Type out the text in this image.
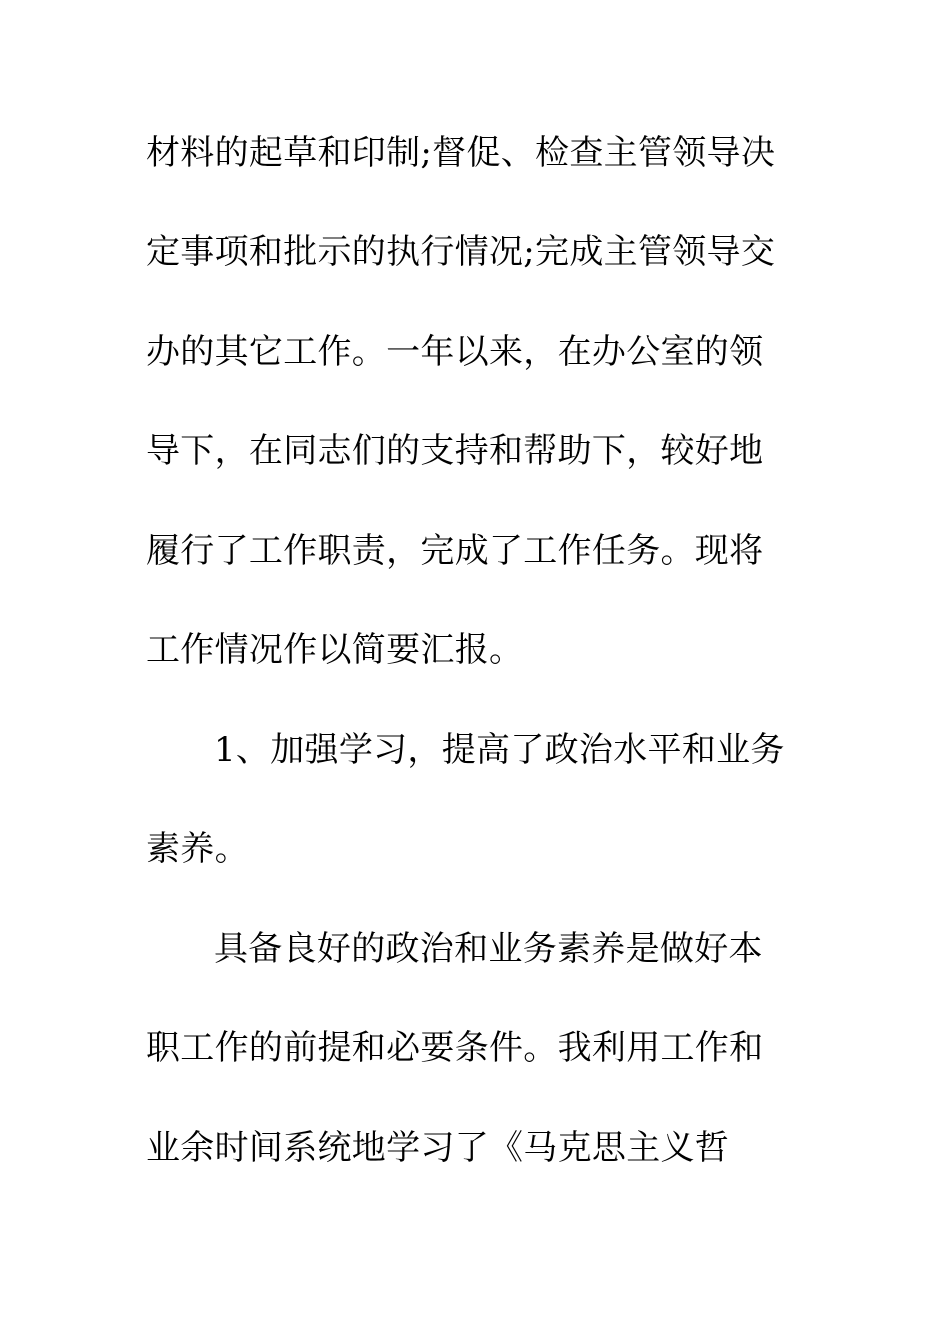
材料的起草和印制;督促、检查主管领导决
定事项和批示的执行情况;完成主管领导交
办的其它工作。一年以来，在办公室的领
导下，在同志们的支持和帮助下，较好地
履行了工作职责，完成了工作任务。现将
工作情况作以简要汇报。
1、加强学习，提高了政治水平和业务
素养。
具备良好的政治和业务素养是做好本
职工作的前提和必要条件。我利用工作和
业余时间系统地学习了《马克思主义哲
